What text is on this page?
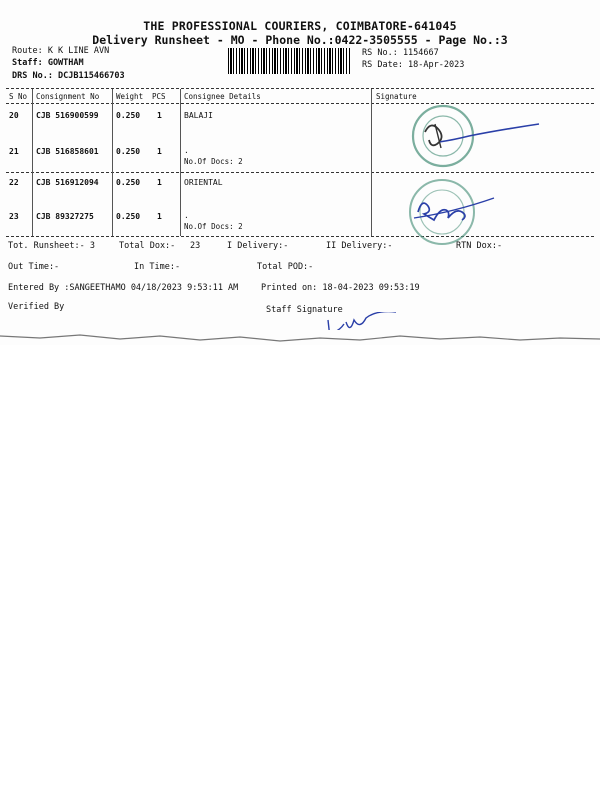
THE PROFESSIONAL COURIERS, COIMBATORE-641045
Delivery Runsheet - MO - Phone No.:0422-3505555 - Page No.:3
Route: K K LINE AVN
Staff: GOWTHAM
DRS No.: DCJB115466703
RS No.: 1154667
RS Date: 18-Apr-2023
S No Consignment No Weight PCS Consignee Details	Signature
20 CJB 516900599 0.250 1	BALAJI
21 CJB 516858601 0.250 1	.
No.Of Docs: 2
22 CJB 516912094 0.250 1	ORIENTAL
23 CJB 89327275	0.250 1	.
No.Of Docs: 2
Tot. Runsheet:- 3	Total Dox:- 23	I Delivery:-	II Delivery:-	RTN Dox:-
Out Time:-	In Time:-	Total POD:-
Entered By :SANGEETHAMO 04/18/2023 9:53:11 AM	Printed on: 18-04-2023 09:53:19
Verified By	Staff Signature
